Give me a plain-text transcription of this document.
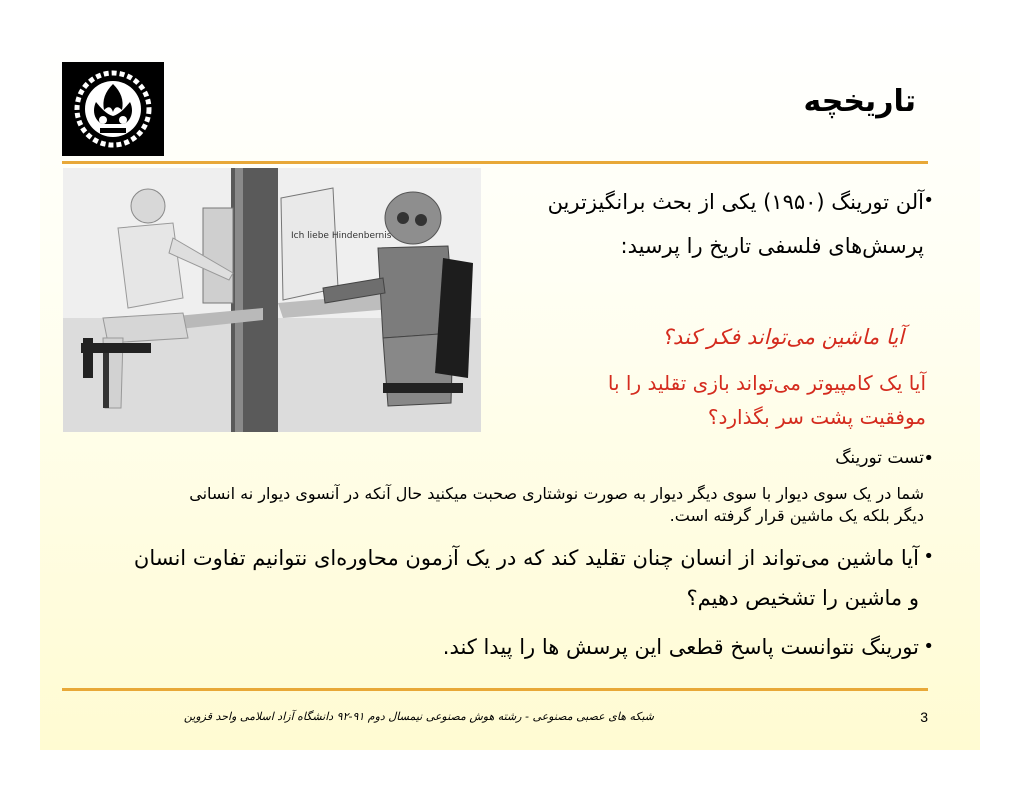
تاریخچه
Ich liebe Hindenbernis
•
آلن تورینگ (۱۹۵۰) یکی از بحث برانگیزترین پرسش‌های فلسفی تاریخ را پرسید:
آیا ماشین می‌تواند فکر کند؟
آیا یک کامپیوتر می‌تواند بازی تقلید را با موفقیت پشت سر بگذارد؟
•
تست تورینگ
شما در یک سوی دیوار با سوی دیگر دیوار به صورت نوشتاری صحبت میکنید حال آنکه در آنسوی دیوار نه انسانی دیگر بلکه یک ماشین قرار گرفته است.
•
آیا ماشین می‌تواند از انسان چنان تقلید کند که در یک آزمون محاوره‌ای نتوانیم تفاوت انسان و ماشین را تشخیص دهیم؟
•
تورینگ نتوانست پاسخ قطعی این پرسش ها را پیدا کند.
شبکه های عصبی مصنوعی - رشته هوش مصنوعی نیمسال دوم ۹۱-۹۲ دانشگاه آزاد اسلامی واحد قزوین	3
